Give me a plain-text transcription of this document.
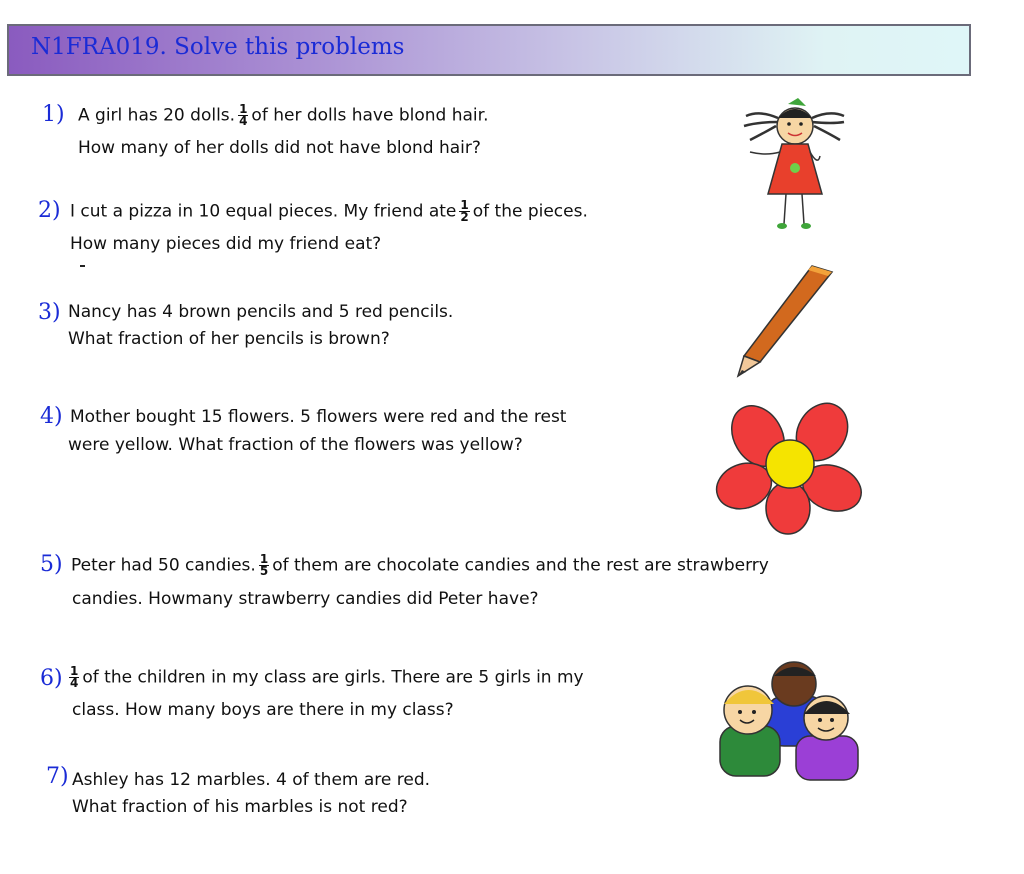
N1FRA019. Solve this problems
1) A girl has 20 dolls. $\frac{1}{4}$ of her dolls have blond hair.
How many of her dolls did not have blond hair?
2) I cut a pizza in 10 equal pieces. My friend ate $\frac{1}{2}$ of the pieces.
How many pieces did my friend eat?
3) Nancy has 4 brown pencils and 5 red pencils.
What fraction of her pencils is brown?
4) Mother bought 15 flowers. 5 flowers were red and the rest
were yellow. What fraction of the flowers was yellow?
5) Peter had 50 candies. $\frac{1}{5}$ of them are chocolate candies and the rest are strawberry
candies. Howmany strawberry candies did Peter have?
$6) \frac{1}{4}$ of the children in my class are girls. There are 5 girls in my
class. How many boys are there in my class?
7) Ashley has 12 marbles. 4 of them are red.
What fraction of his marbles is not red?
